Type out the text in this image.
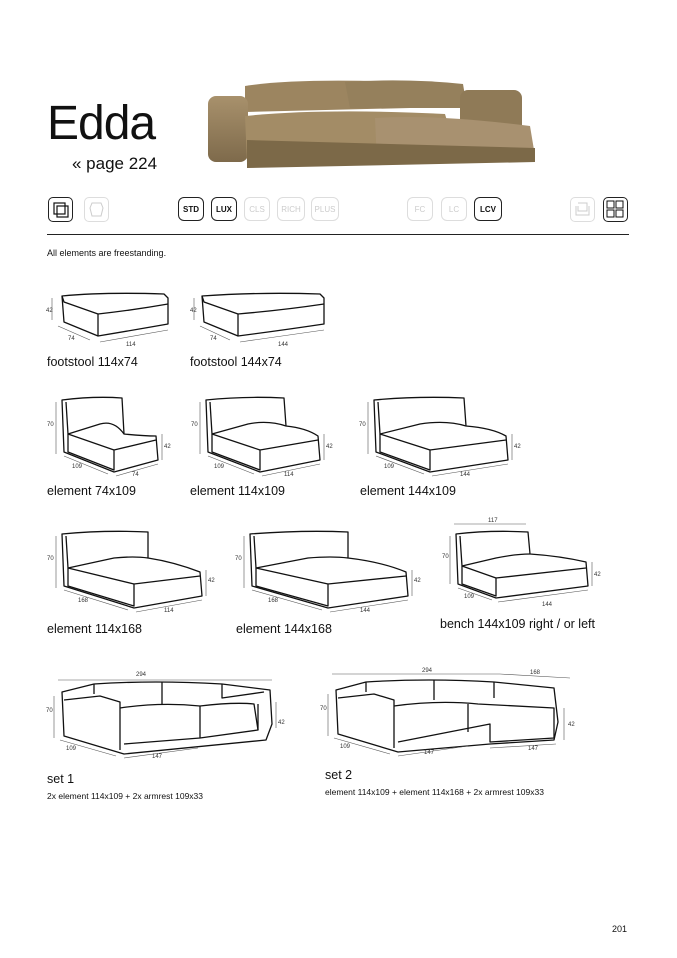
Edda
« page 224
STD	LUX	CLS	RICH	PLUS	FC	LC	LCV
All elements are freestanding.
42
74
114
footstool 114x74
42
74
144
footstool 144x74
70
42
109
74
element 74x109
70
42
109
114
element 114x109
70
42
109
144
element 144x109
70
42
168
114
element 114x168
70
42
168
144
element 144x168
117
70
42
109
144
bench 144x109 right / or left
294
70
42
109
147
set 1
2x element 114x109 + 2x armrest 109x33
294	168
70
42
109
147
147
set 2
element 114x109 + element 114x168 + 2x armrest 109x33
201
